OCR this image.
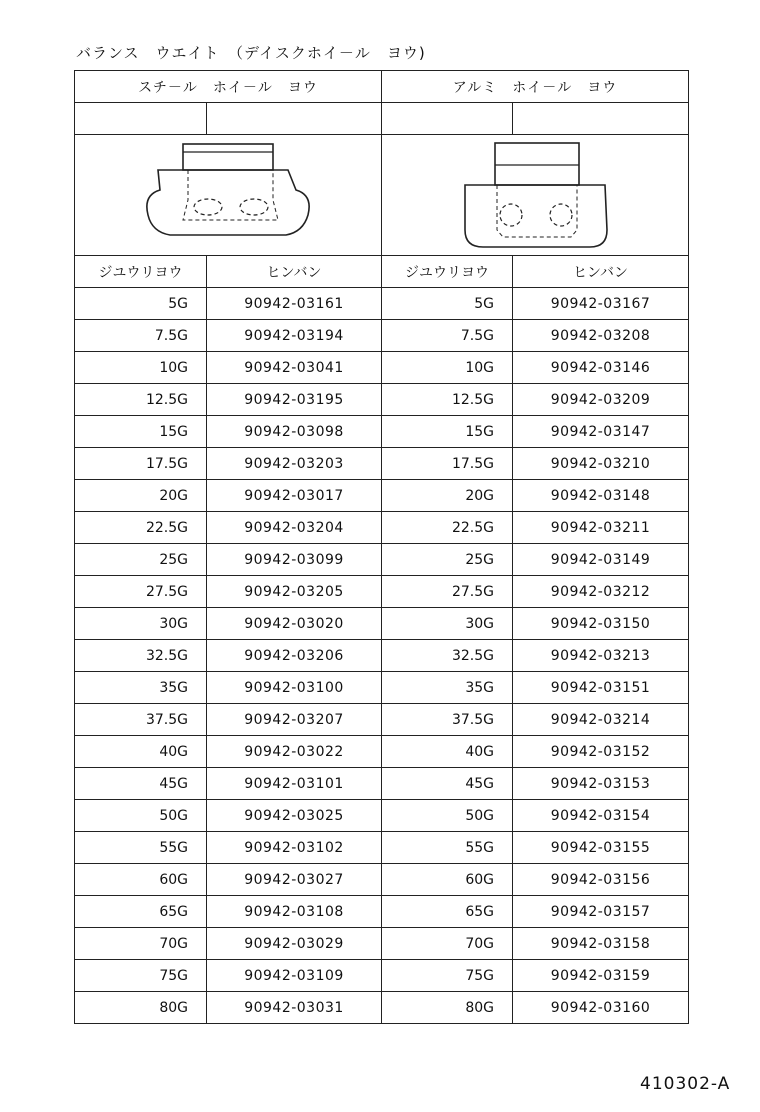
バランス　ウエイト　（デイスクホイ－ル　ヨウ)
スチ－ル　ホイ－ル　ヨウ		アルミ　ホイ－ル　ヨウ	

ジユウリヨウ	ヒンバン	ジユウリヨウ	ヒンバン
5G	90942-03161	5G	90942-03167
7.5G	90942-03194	7.5G	90942-03208
10G	90942-03041	10G	90942-03146
12.5G	90942-03195	12.5G	90942-03209
15G	90942-03098	15G	90942-03147
17.5G	90942-03203	17.5G	90942-03210
20G	90942-03017	20G	90942-03148
22.5G	90942-03204	22.5G	90942-03211
25G	90942-03099	25G	90942-03149
27.5G	90942-03205	27.5G	90942-03212
30G	90942-03020	30G	90942-03150
32.5G	90942-03206	32.5G	90942-03213
35G	90942-03100	35G	90942-03151
37.5G	90942-03207	37.5G	90942-03214
40G	90942-03022	40G	90942-03152
45G	90942-03101	45G	90942-03153
50G	90942-03025	50G	90942-03154
55G	90942-03102	55G	90942-03155
60G	90942-03027	60G	90942-03156
65G	90942-03108	65G	90942-03157
70G	90942-03029	70G	90942-03158
75G	90942-03109	75G	90942-03159
80G	90942-03031	80G	90942-03160
410302-A
